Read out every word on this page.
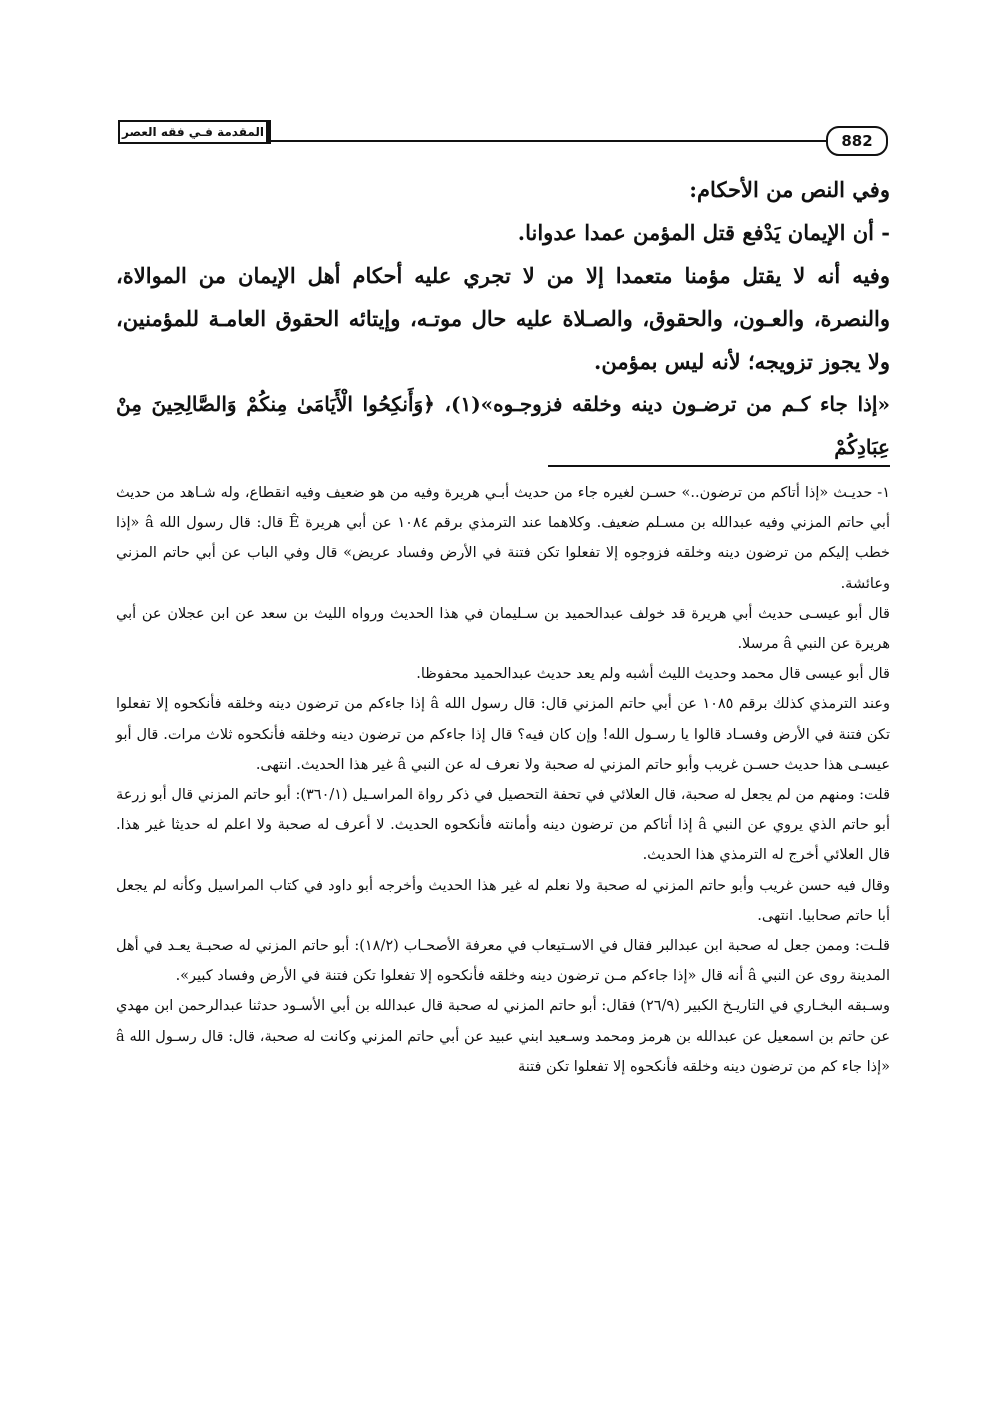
882
المقدمة فـي فقه العصر

وفي النص من الأحكام:

- أن الإيمان يَدْفع قتل المؤمن عمدا عدوانا.

وفيه أنه لا يقتل مؤمنا متعمدا إلا من لا تجري عليه أحكام أهل الإيمان من الموالاة، والنصرة، والعـون، والحقوق، والصـلاة عليه حال موتـه، وإيتائه الحقوق العامـة للمؤمنين، ولا يجوز تزويجه؛ لأنه ليس بمؤمن.

«إذا جاء كـم من ترضـون دينه وخلقه فزوجـوه»(١)، ﴿وَأَنكِحُوا الْأَيَامَىٰ مِنكُمْ وَالصَّالِحِينَ مِنْ عِبَادِكُمْ

١- حديـث «إذا أتاكم من ترضون..» حسـن لغيره جاء من حديث أبـي هريرة وفيه من هو ضعيف وفيه انقطاع، وله شـاهد من حديث أبي حاتم المزني وفيه عبدالله بن مسـلم ضعيف. وكلاهما عند الترمذي برقم ١٠٨٤ عن أبي هريرة Ê قال: قال رسول الله â «إذا خطب إليكم من ترضون دينه وخلقه فزوجوه إلا تفعلوا تكن فتنة في الأرض وفساد عريض» قال وفي الباب عن أبي حاتم المزني وعائشة.

قال أبو عيسـى حديث أبي هريرة قد خولف عبدالحميد بن سـليمان في هذا الحديث ورواه الليث بن سعد عن ابن عجلان عن أبي هريرة عن النبي â مرسلا.

قال أبو عيسى قال محمد وحديث الليث أشبه ولم يعد حديث عبدالحميد محفوظا.

وعند الترمذي كذلك برقم ١٠٨٥ عن أبي حاتم المزني قال: قال رسول الله â إذا جاءكم من ترضون دينه وخلقه فأنكحوه إلا تفعلوا تكن فتنة في الأرض وفسـاد قالوا يا رسـول الله! وإن كان فيه؟ قال إذا جاءكم من ترضون دينه وخلقه فأنكحوه ثلاث مرات. قال أبو عيسـى هذا حديث حسـن غريب وأبو حاتم المزني له صحبة ولا نعرف له عن النبي â غير هذا الحديث. انتهى.

قلت: ومنهم من لم يجعل له صحبة، قال العلائي في تحفة التحصيل في ذكر رواة المراسـيل (٣٦٠/١): أبو حاتم المزني قال أبو زرعة أبو حاتم الذي يروي عن النبي â إذا أتاكم من ترضون دينه وأمانته فأنكحوه الحديث. لا أعرف له صحبة ولا اعلم له حديثا غير هذا. قال العلائي أخرج له الترمذي هذا الحديث.

وقال فيه حسن غريب وأبو حاتم المزني له صحبة ولا نعلم له غير هذا الحديث وأخرجه أبو داود في كتاب المراسيل وكأنه لم يجعل أبا حاتم صحابيا. انتهى.

قلـت: وممن جعل له صحبة ابن عبدالبر فقال في الاسـتيعاب في معرفة الأصحـاب (١٨/٢): أبو حاتم المزني له صحبـة يعـد في أهل المدينة روى عن النبي â أنه قال «إذا جاءكم مـن ترضون دينه وخلقه فأنكحوه إلا تفعلوا تكن فتنة في الأرض وفساد كبير».

وسـبقه البخـاري في التاريـخ الكبير (٢٦/٩) فقال: أبو حاتم المزني له صحبة قال عبدالله بن أبي الأسـود حدثنا عبدالرحمن ابن مهدي عن حاتم بن اسمعيل عن عبدالله بن هرمز ومحمد وسـعيد ابني عبيد عن أبي حاتم المزني وكانت له صحبة، قال: قال رسـول الله â «إذا جاء كم من ترضون دينه وخلقه فأنكحوه إلا تفعلوا تكن فتنة
